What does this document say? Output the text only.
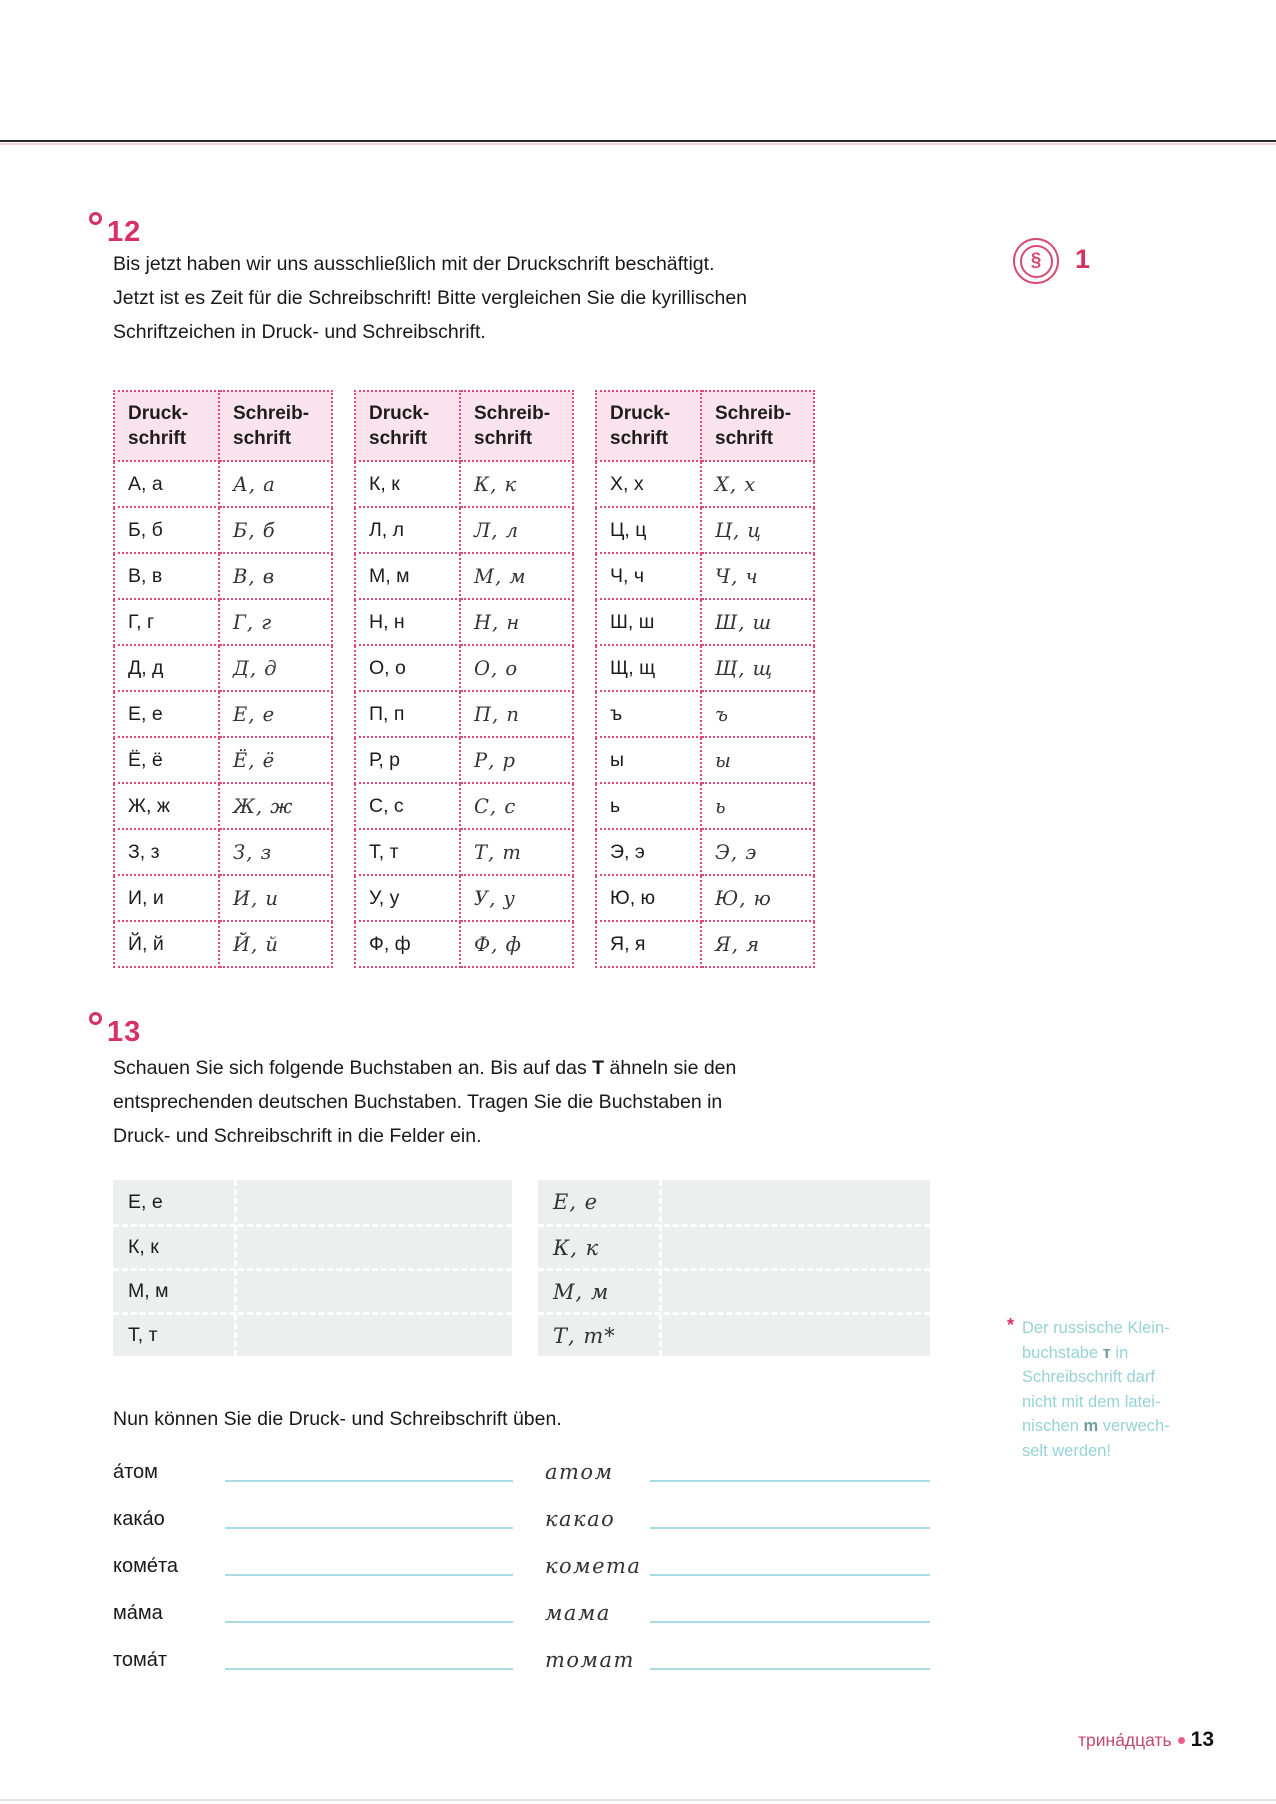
12
Bis jetzt haben wir uns ausschließlich mit der Druckschrift beschäftigt.
Jetzt ist es Zeit für die Schreibschrift! Bitte vergleichen Sie die kyrillischen
Schriftzeichen in Druck- und Schreibschrift.
§	1
Druck-
schrift

Schreib-
schrift

А, а	А, а
Б, б	Б, б
В, в	В, в
Г, г	Г, г
Д, д	Д, д
Е, е	Е, е
Ё, ё	Ё, ё
Ж, ж	Ж, ж
З, з	З, з
И, и	И, и
Й, й	Й, й
Druck-
schrift

Schreib-
schrift

К, к	К, к
Л, л	Л, л
М, м	М, м
Н, н	Н, н
О, о	О, о
П, п	П, п
Р, р	Р, р
С, с	С, с
Т, т	Т, т
У, у	У, у
Ф, ф	Ф, ф
Druck-
schrift

Schreib-
schrift

Х, х	Х, х
Ц, ц	Ц, ц
Ч, ч	Ч, ч
Ш, ш	Ш, ш
Щ, щ	Щ, щ
ъ	ъ
ы	ы
ь	ь
Э, э	Э, э
Ю, ю	Ю, ю
Я, я	Я, я
13
Schauen Sie sich folgende Buchstaben an. Bis auf das Т ähneln sie den
entsprechenden deutschen Buchstaben. Tragen Sie die Buchstaben in
Druck- und Schreibschrift in die Felder ein.
Е, е
К, к
М, м
Т, т
Е, е
К, к
М, м
Т, т*
Nun können Sie die Druck- und Schreibschrift üben.
а́том	атом
кака́о	какао
коме́та	комета
ма́ма	мама
тома́т	томат
* Der russische Klein-
buchstabe т in
Schreibschrift darf
nicht mit dem latei-
nischen m verwech-
selt werden!
трина́дцать 13
